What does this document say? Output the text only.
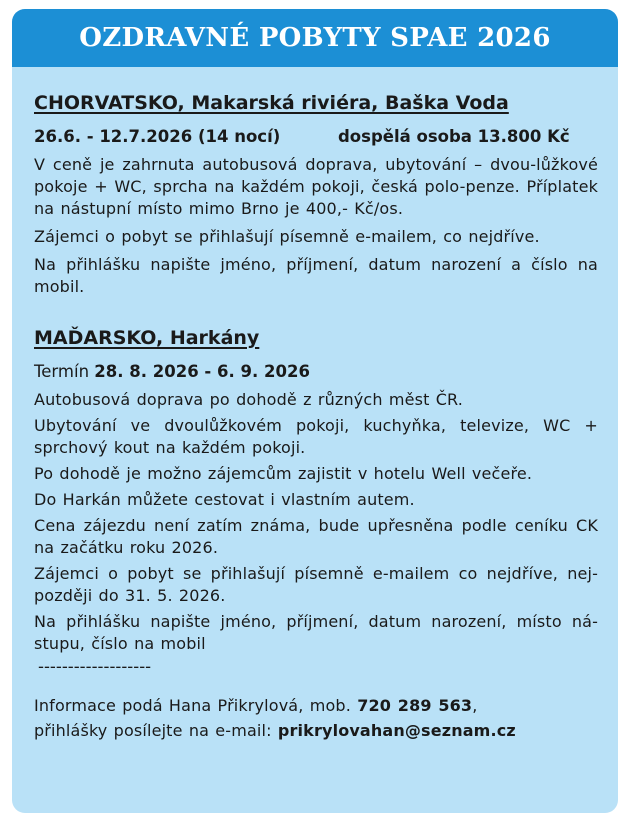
OZDRAVNÉ POBYTY SPAE 2026
CHORVATSKO, Makarská riviéra, Baška Voda
26.6. - 12.7.2026 (14 nocí)	dospělá osoba 13.800 Kč
V ceně je zahrnuta autobusová doprava, ubytování – dvou-lůžkové pokoje + WC, sprcha na každém pokoji, česká polo-penze. Příplatek na nástupní místo mimo Brno je 400,- Kč/os.
Zájemci o pobyt se přihlašují písemně e-mailem, co nejdříve.
Na přihlášku napište jméno, příjmení, datum narození a číslo na mobil.
MAĎARSKO, Harkány
Termín 28. 8. 2026 - 6. 9. 2026
Autobusová doprava po dohodě z různých měst ČR.
Ubytování ve dvoulůžkovém pokoji, kuchyňka, televize, WC + sprchový kout na každém pokoji.
Po dohodě je možno zájemcům zajistit v hotelu Well večeře.
Do Harkán můžete cestovat i vlastním autem.
Cena zájezdu není zatím známa, bude upřesněna podle ceníku CK na začátku roku 2026.
Zájemci o pobyt se přihlašují písemně e-mailem co nejdříve, nej-později do 31. 5. 2026.
Na přihlášku napište jméno, příjmení, datum narození, místo ná-stupu, číslo na mobil
-------------------
Informace podá Hana Přikrylová, mob. 720 289 563,
přihlášky posílejte na e-mail: prikrylovahan@seznam.cz
